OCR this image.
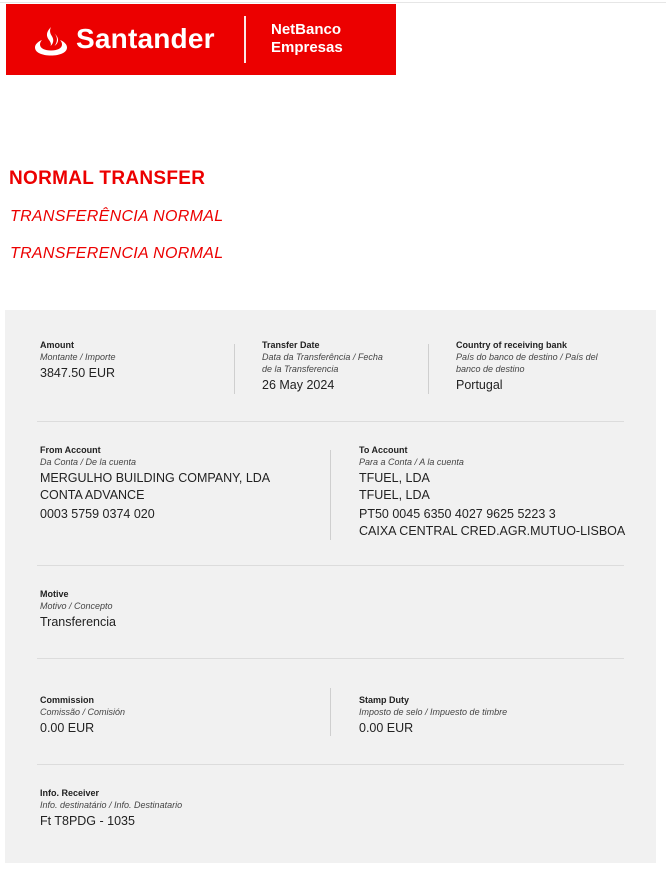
Santander	NetBanco
Empresas
NORMAL TRANSFER
TRANSFERÊNCIA NORMAL
TRANSFERENCIA NORMAL
Amount
Montante / Importe
3847.50 EUR
Transfer Date
Data da Transferência / Fecha
de la Transferencia
26 May 2024
Country of receiving bank
País do banco de destino / País del
banco de destino
Portugal
From Account
Da Conta / De la cuenta
MERGULHO BUILDING COMPANY, LDA
CONTA ADVANCE
0003 5759 0374 020
To Account
Para a Conta / A la cuenta
TFUEL, LDA
TFUEL, LDA
PT50 0045 6350 4027 9625 5223 3
CAIXA CENTRAL CRED.AGR.MUTUO-LISBOA
Motive
Motivo / Concepto
Transferencia
Commission
Comissão / Comisión
0.00 EUR
Stamp Duty
Imposto de selo / Impuesto de timbre
0.00 EUR
Info. Receiver
Info. destinatário / Info. Destinatario
Ft T8PDG - 1035
